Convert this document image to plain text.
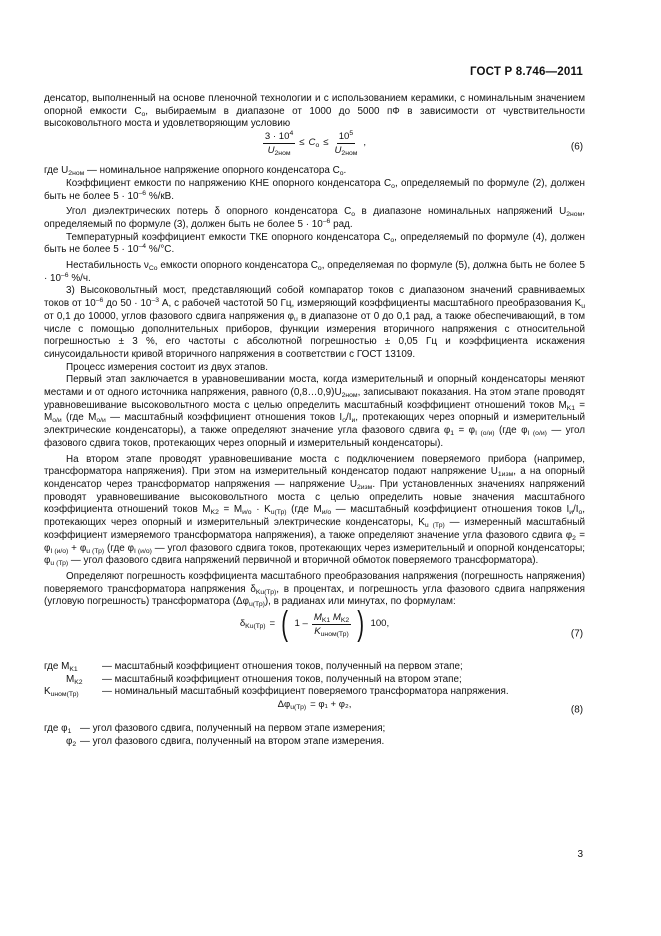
ГОСТ Р 8.746—2011

денсатор, выполненный на основе пленочной технологии и с использованием керамики, с номинальным значением опорной емкости $C_o$, выбираемым в диапазоне от 1000 до 5000 пФ в зависимости от чувствительности высоковольтного моста и удовлетворяющим условию

$\frac{3 \cdot 10^4}{U_{2ном}} \le C_o \le \frac{10^5}{U_{2ном}}$ ,	(6)

где $U_{2ном}$ — номинальное напряжение опорного конденсатора $C_o$.

Коэффициент емкости по напряжению КНЕ опорного конденсатора $C_o$, определяемый по формуле (2), должен быть не более $5 \cdot 10^{-6}$ %/кВ.

Угол диэлектрических потерь δ опорного конденсатора $C_o$ в диапазоне номинальных напряжений $U_{2ном}$, определяемый по формуле (3), должен быть не более $5 \cdot 10^{-6}$ рад.

Температурный коэффициент емкости ТКЕ опорного конденсатора $C_o$, определяемый по формуле (4), должен быть не более $5 \cdot 10^{-4}$ %/°С.

Нестабильность $\nu_{Co}$ емкости опорного конденсатора $C_o$, определяемая по формуле (5), должна быть не более $5 \cdot 10^{-6}$ %/ч.

3) Высоковольтный мост, представляющий собой компаратор токов с диапазоном значений сравниваемых токов от $10^{-6}$ до $50 \cdot 10^{-3}$ А, с рабочей частотой 50 Гц, измеряющий коэффициенты масштабного преобразования $K_u$ от 0,1 до 10000, углов фазового сдвига напряжения $\varphi_u$ в диапазоне от 0 до 0,1 рад, а также обеспечивающий, в том числе с помощью дополнительных приборов, функции измерения вторичного напряжения с относительной погрешностью ± 3 %, его частоты с абсолютной погрешностью ± 0,05 Гц и коэффициента искажения синусоидальности кривой вторичного напряжения в соответствии с ГОСТ 13109.

Процесс измерения состоит из двух этапов.

Первый этап заключается в уравновешивании моста, когда измерительный и опорный конденсаторы меняют местами и от одного источника напряжения, равного $(0,8\dots 0,9)U_{2ном}$, записывают показания. На этом этапе проводят уравновешивание высоковольтного моста с целью определить масштабный коэффициент отношений токов $M_{K1} = M_{o/и}$ (где $M_{o/и}$ — масштабный коэффициент отношения токов $I_o/I_и$, протекающих через опорный и измерительный электрические конденсаторы), а также определяют значение угла фазового сдвига $\varphi_1 = \varphi_{I (о/и)}$ (где $\varphi_{I (о/и)}$ — угол фазового сдвига токов, протекающих через опорный и измерительный конденсаторы).

На втором этапе проводят уравновешивание моста с подключением поверяемого прибора (например, трансформатора напряжения). При этом на измерительный конденсатор подают напряжение $U_{1изм}$, а на опорный конденсатор через трансформатор напряжения — напряжение $U_{2изм}$. При установленных значениях напряжений проводят уравновешивание высоковольтного моста с целью определить новые значения масштабного коэффициента отношений токов $M_{K2} = M_{и/о} \cdot K_{u(Тр)}$ (где $M_{и/о}$ — масштабный коэффициент отношения токов $I_и/I_о$, протекающих через опорный и измерительный электрические конденсаторы, $K_{u (Тр)}$ — измеренный масштабный коэффициент измеряемого трансформатора напряжения), а также определяют значение угла фазового сдвига $\varphi_2 = \varphi_{I (и/о)} + \varphi_{u (Тр)}$ (где $\varphi_{I (и/о)}$ — угол фазового сдвига токов, протекающих через измерительный и опорной конденсаторы; $\varphi_{u (Тр)}$ — угол фазового сдвига напряжений первичной и вторичной обмоток поверяемого трансформатора).

Определяют погрешность коэффициента масштабного преобразования напряжения (погрешность напряжения) поверяемого трансформатора напряжения $\delta_{Ku(Тр)}$, в процентах, и погрешность угла фазового сдвига напряжения (угловую погрешность) трансформатора $(\Delta\varphi_{u(Тр)})$, в радианах или минутах, по формулам:

$\delta_{Ku(Тр)}$ = ( $1 - \frac{M_{K1} M_{K2}}{K_{uном(Тр)}}$ ) 100,
(7)

где $M_{K1}$	— масштабный коэффициент отношения токов, полученный на первом этапе;

$M_{K2}$	— масштабный коэффициент отношения токов, полученный на втором этапе;

$K_{uном(Тр)}$	— номинальный масштабный коэффициент поверяемого трансформатора напряжения.

$\Delta\varphi_{u(Тр)} = \varphi_1 + \varphi_2$,
(8)

где $\varphi_1$ — угол фазового сдвига, полученный на первом этапе измерения;

$\varphi_2$ — угол фазового сдвига, полученный на втором этапе измерения.

3
